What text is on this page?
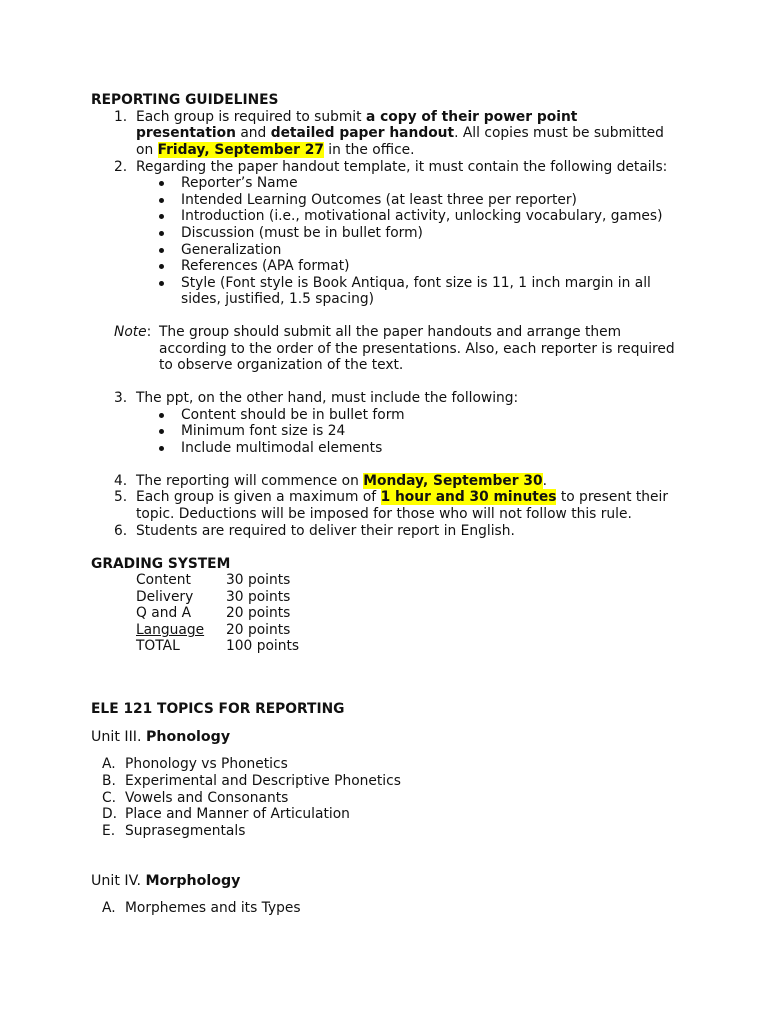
REPORTING GUIDELINES
1. Each group is required to submit a copy of their power point
presentation and detailed paper handout. All copies must be submitted
on Friday, September 27 in the office.
2. Regarding the paper handout template, it must contain the following details:
Reporter’s Name
Intended Learning Outcomes (at least three per reporter)
Introduction (i.e., motivational activity, unlocking vocabulary, games)
Discussion (must be in bullet form)
Generalization
References (APA format)
Style (Font style is Book Antiqua, font size is 11, 1 inch margin in all
sides, justified, 1.5 spacing)
Note: The group should submit all the paper handouts and arrange them
according to the order of the presentations. Also, each reporter is required
to observe organization of the text.
3. The ppt, on the other hand, must include the following:
Content should be in bullet form
Minimum font size is 24
Include multimodal elements
4. The reporting will commence on Monday, September 30.
5. Each group is given a maximum of 1 hour and 30 minutes to present their
topic. Deductions will be imposed for those who will not follow this rule.
6. Students are required to deliver their report in English.
GRADING SYSTEM
Content	30 points
Delivery 30 points
Q and A	20 points
Language 20 points
TOTAL	100 points
ELE 121 TOPICS FOR REPORTING
Unit III. Phonology
A. Phonology vs Phonetics
B. Experimental and Descriptive Phonetics
C. Vowels and Consonants
D. Place and Manner of Articulation
E. Suprasegmentals
Unit IV. Morphology
A. Morphemes and its Types
